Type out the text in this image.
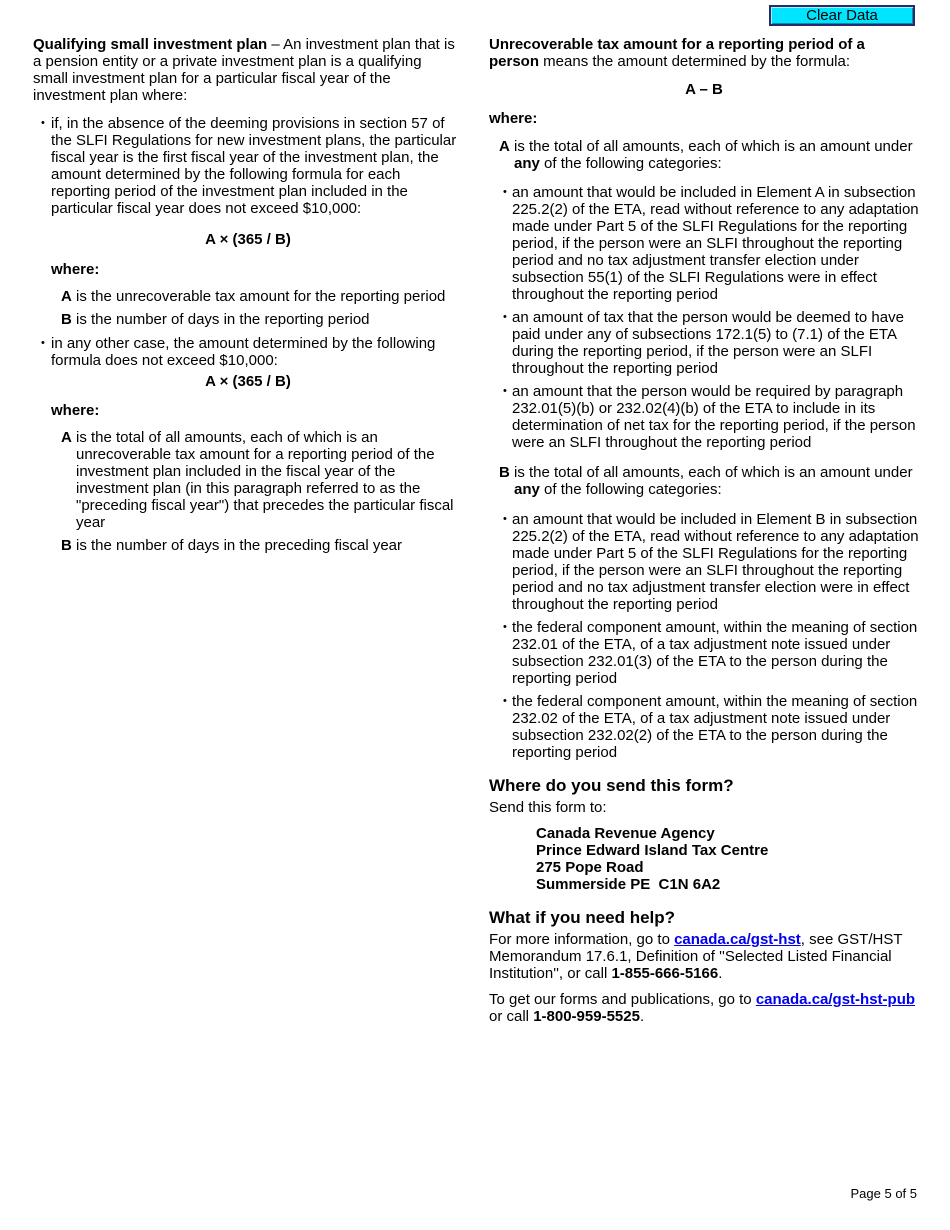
Clear Data

Qualifying small investment plan – An investment plan that is a pension entity or a private investment plan is a qualifying small investment plan for a particular fiscal year of the investment plan where:

• if, in the absence of the deeming provisions in section 57 of the SLFI Regulations for new investment plans, the particular fiscal year is the first fiscal year of the investment plan, the amount determined by the following formula for each reporting period of the investment plan included in the particular fiscal year does not exceed $10,000:

A × (365 / B)

where:

A is the unrecoverable tax amount for the reporting period
B is the number of days in the reporting period
• in any other case, the amount determined by the following formula does not exceed $10,000:

A × (365 / B)

where:

A is the total of all amounts, each of which is an unrecoverable tax amount for a reporting period of the investment plan included in the fiscal year of the investment plan (in this paragraph referred to as the "preceding fiscal year") that precedes the particular fiscal year
B is the number of days in the preceding fiscal year

Unrecoverable tax amount for a reporting period of a person means the amount determined by the formula:

A – B

where:

A is the total of all amounts, each of which is an amount under any of the following categories:
• an amount that would be included in Element A in subsection 225.2(2) of the ETA, read without reference to any adaptation made under Part 5 of the SLFI Regulations for the reporting period, if the person were an SLFI throughout the reporting period and no tax adjustment transfer election under subsection 55(1) of the SLFI Regulations were in effect throughout the reporting period
• an amount of tax that the person would be deemed to have paid under any of subsections 172.1(5) to (7.1) of the ETA during the reporting period, if the person were an SLFI throughout the reporting period
• an amount that the person would be required by paragraph 232.01(5)(b) or 232.02(4)(b) of the ETA to include in its determination of net tax for the reporting period, if the person were an SLFI throughout the reporting period
B is the total of all amounts, each of which is an amount under any of the following categories:
• an amount that would be included in Element B in subsection 225.2(2) of the ETA, read without reference to any adaptation made under Part 5 of the SLFI Regulations for the reporting period, if the person were an SLFI throughout the reporting period and no tax adjustment transfer election were in effect throughout the reporting period
• the federal component amount, within the meaning of section 232.01 of the ETA, of a tax adjustment note issued under subsection 232.01(3) of the ETA to the person during the reporting period
• the federal component amount, within the meaning of section 232.02 of the ETA, of a tax adjustment note issued under subsection 232.02(2) of the ETA to the person during the reporting period
Where do you send this form?

Send this form to:

Canada Revenue Agency

Prince Edward Island Tax Centre

275 Pope Road

Summerside PE  C1N 6A2

What if you need help?

For more information, go to canada.ca/gst-hst, see GST/HST Memorandum 17.6.1, Definition of ''Selected Listed Financial Institution'', or call 1-855-666-5166.

To get our forms and publications, go to canada.ca/gst-hst-pub or call 1-800-959-5525.

Page 5 of 5
